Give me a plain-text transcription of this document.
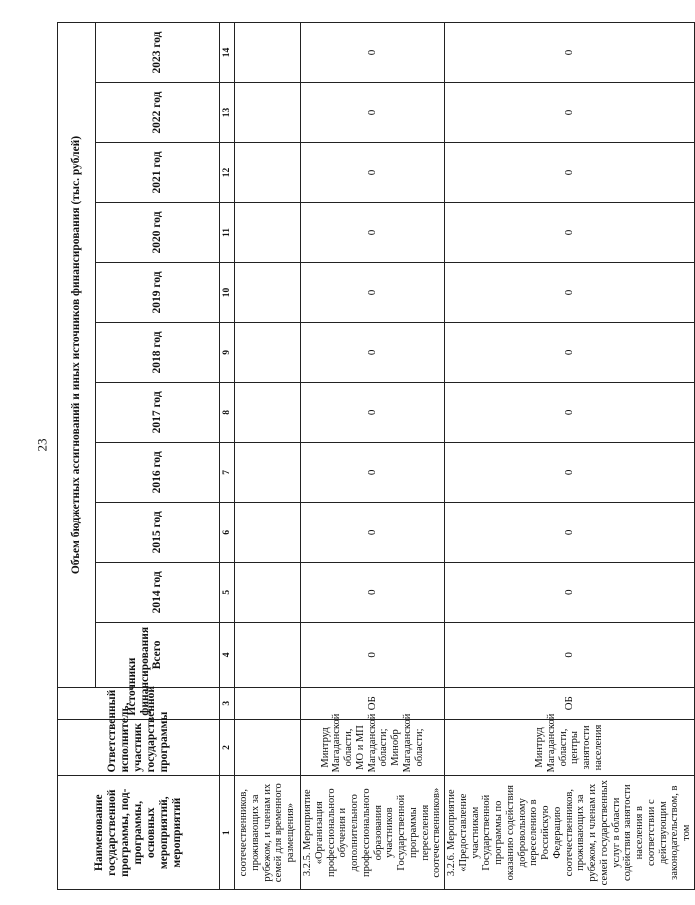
23
Наименование государственной программы, под-программы, основных мероприятий, мероприятий	Ответственный исполнитель, участник государственной программы	Источники финансирования	Объем бюджетных ассигнований и иных источников финансирования (тыс. рублей)										
			Всего	2014 год	2015 год	2016 год	2017 год	2018 год	2019 год	2020 год	2021 год	2022 год	2023 год
1	2	3	4	5	6	7	8	9	10	11	12	13	14
соотечественников, проживающих за рубежом, и членам их семей для временного размещения»													
3.2.5. Мероприятие «Организация профессионального обучения и дополнительного профессионального образования участников Государственной программы переселения соотечественников»	Минтруд Магаданской области, МО и МП Магаданской области; Минобр Магаданской области;	ОБ	0	0	0	0	0	0	0	0	0	0	0
3.2.6. Мероприятие «Предоставление участникам Государственной программы по оказанию содействия добровольному переселению в Российскую Федерацию соотечественников, проживающих за рубежом, и членам их семей государственных услуг в области содействия занятости населения в соответствии с действующим законодательством, в том	Минтруд Магаданской области, центры занятости населения	ОБ	0	0	0	0	0	0	0	0	0	0	0
